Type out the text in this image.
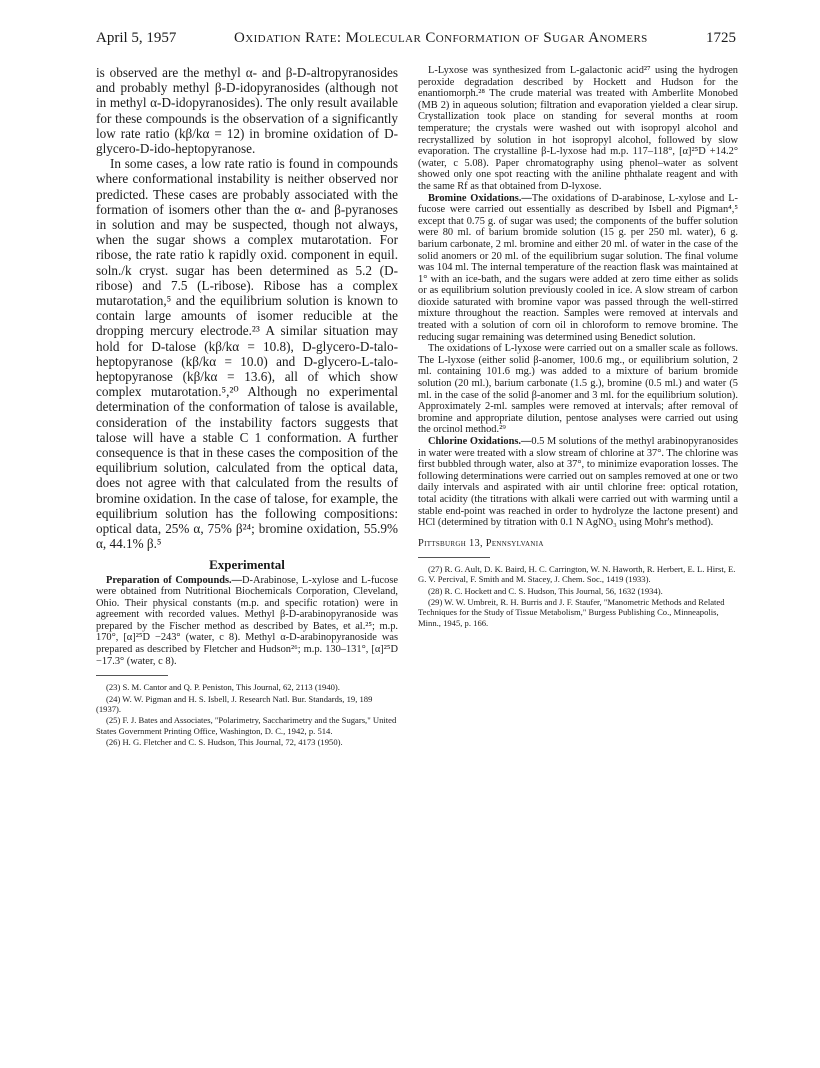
April 5, 1957	Oxidation Rate: Molecular Conformation of Sugar Anomers	1725

is observed are the methyl α- and β-D-altropyranosides and probably methyl β-D-idopyranosides (although not in methyl α-D-idopyranosides). The only result available for these compounds is the observation of a significantly low rate ratio (kβ/kα = 12) in bromine oxidation of D-glycero-D-ido-heptopyranose.

In some cases, a low rate ratio is found in compounds where conformational instability is neither observed nor predicted. These cases are probably associated with the formation of isomers other than the α- and β-pyranoses in solution and may be suspected, though not always, when the sugar shows a complex mutarotation. For ribose, the rate ratio k rapidly oxid. component in equil. soln./k cryst. sugar has been determined as 5.2 (D-ribose) and 7.5 (L-ribose). Ribose has a complex mutarotation,⁵ and the equilibrium solution is known to contain large amounts of isomer reducible at the dropping mercury electrode.²³ A similar situation may hold for D-talose (kβ/kα = 10.8), D-glycero-D-talo-heptopyranose (kβ/kα = 10.0) and D-glycero-L-talo-heptopyranose (kβ/kα = 13.6), all of which show complex mutarotation.⁵,²⁰ Although no experimental determination of the conformation of talose is available, consideration of the instability factors suggests that talose will have a stable C 1 conformation. A further consequence is that in these cases the composition of the equilibrium solution, calculated from the optical data, does not agree with that calculated from the results of bromine oxidation. In the case of talose, for example, the equilibrium solution has the following compositions: optical data, 25% α, 75% β²⁴; bromine oxidation, 55.9% α, 44.1% β.⁵

Experimental

Preparation of Compounds.—D-Arabinose, L-xylose and L-fucose were obtained from Nutritional Biochemicals Corporation, Cleveland, Ohio. Their physical constants (m.p. and specific rotation) were in agreement with recorded values. Methyl β-D-arabinopyranoside was prepared by the Fischer method as described by Bates, et al.²⁵; m.p. 170°, [α]²⁵D −243° (water, c 8). Methyl α-D-arabinopyranoside was prepared as described by Fletcher and Hudson²⁶; m.p. 130–131°, [α]²⁵D −17.3° (water, c 8).

(23) S. M. Cantor and Q. P. Peniston, This Journal, 62, 2113 (1940).

(24) W. W. Pigman and H. S. Isbell, J. Research Natl. Bur. Standards, 19, 189 (1937).

(25) F. J. Bates and Associates, "Polarimetry, Saccharimetry and the Sugars," United States Government Printing Office, Washington, D. C., 1942, p. 514.

(26) H. G. Fletcher and C. S. Hudson, This Journal, 72, 4173 (1950).

L-Lyxose was synthesized from L-galactonic acid²⁷ using the hydrogen peroxide degradation described by Hockett and Hudson for the enantiomorph.²⁸ The crude material was treated with Amberlite Monobed (MB 2) in aqueous solution; filtration and evaporation yielded a clear sirup. Crystallization took place on standing for several months at room temperature; the crystals were washed out with isopropyl alcohol and recrystallized by solution in hot isopropyl alcohol, followed by slow evaporation. The crystalline β-L-lyxose had m.p. 117–118°, [α]²⁵D +14.2° (water, c 5.08). Paper chromatography using phenol–water as solvent showed only one spot reacting with the aniline phthalate reagent and with the same Rf as that obtained from D-lyxose.

Bromine Oxidations.—The oxidations of D-arabinose, L-xylose and L-fucose were carried out essentially as described by Isbell and Pigman⁴,⁵ except that 0.75 g. of sugar was used; the components of the buffer solution were 80 ml. of barium bromide solution (15 g. per 250 ml. water), 6 g. barium carbonate, 2 ml. bromine and either 20 ml. of water in the case of the solid anomers or 20 ml. of the equilibrium sugar solution. The final volume was 104 ml. The internal temperature of the reaction flask was maintained at 1° with an ice-bath, and the sugars were added at zero time either as solids or as equilibrium solution previously cooled in ice. A slow stream of carbon dioxide saturated with bromine vapor was passed through the well-stirred mixture throughout the reaction. Samples were removed at intervals and treated with a solution of corn oil in chloroform to remove bromine. The reducing sugar remaining was determined using Benedict solution.

The oxidations of L-lyxose were carried out on a smaller scale as follows. The L-lyxose (either solid β-anomer, 100.6 mg., or equilibrium solution, 2 ml. containing 101.6 mg.) was added to a mixture of barium bromide solution (20 ml.), barium carbonate (1.5 g.), bromine (0.5 ml.) and water (5 ml. in the case of the solid β-anomer and 3 ml. for the equilibrium solution). Approximately 2-ml. samples were removed at intervals; after removal of bromine and appropriate dilution, pentose analyses were carried out using the orcinol method.²⁹

Chlorine Oxidations.—0.5 M solutions of the methyl arabinopyranosides in water were treated with a slow stream of chlorine at 37°. The chlorine was first bubbled through water, also at 37°, to minimize evaporation losses. The following determinations were carried out on samples removed at one or two daily intervals and aspirated with air until chlorine free: optical rotation, total acidity (the titrations with alkali were carried out with warming until a stable end-point was reached in order to hydrolyze the lactone present) and HCl (determined by titration with 0.1 N AgNO₃ using Mohr's method).

Pittsburgh 13, Pennsylvania

(27) R. G. Ault, D. K. Baird, H. C. Carrington, W. N. Haworth, R. Herbert, E. L. Hirst, E. G. V. Percival, F. Smith and M. Stacey, J. Chem. Soc., 1419 (1933).

(28) R. C. Hockett and C. S. Hudson, This Journal, 56, 1632 (1934).

(29) W. W. Umbreit, R. H. Burris and J. F. Staufer, "Manometric Methods and Related Techniques for the Study of Tissue Metabolism," Burgess Publishing Co., Minneapolis, Minn., 1945, p. 166.
